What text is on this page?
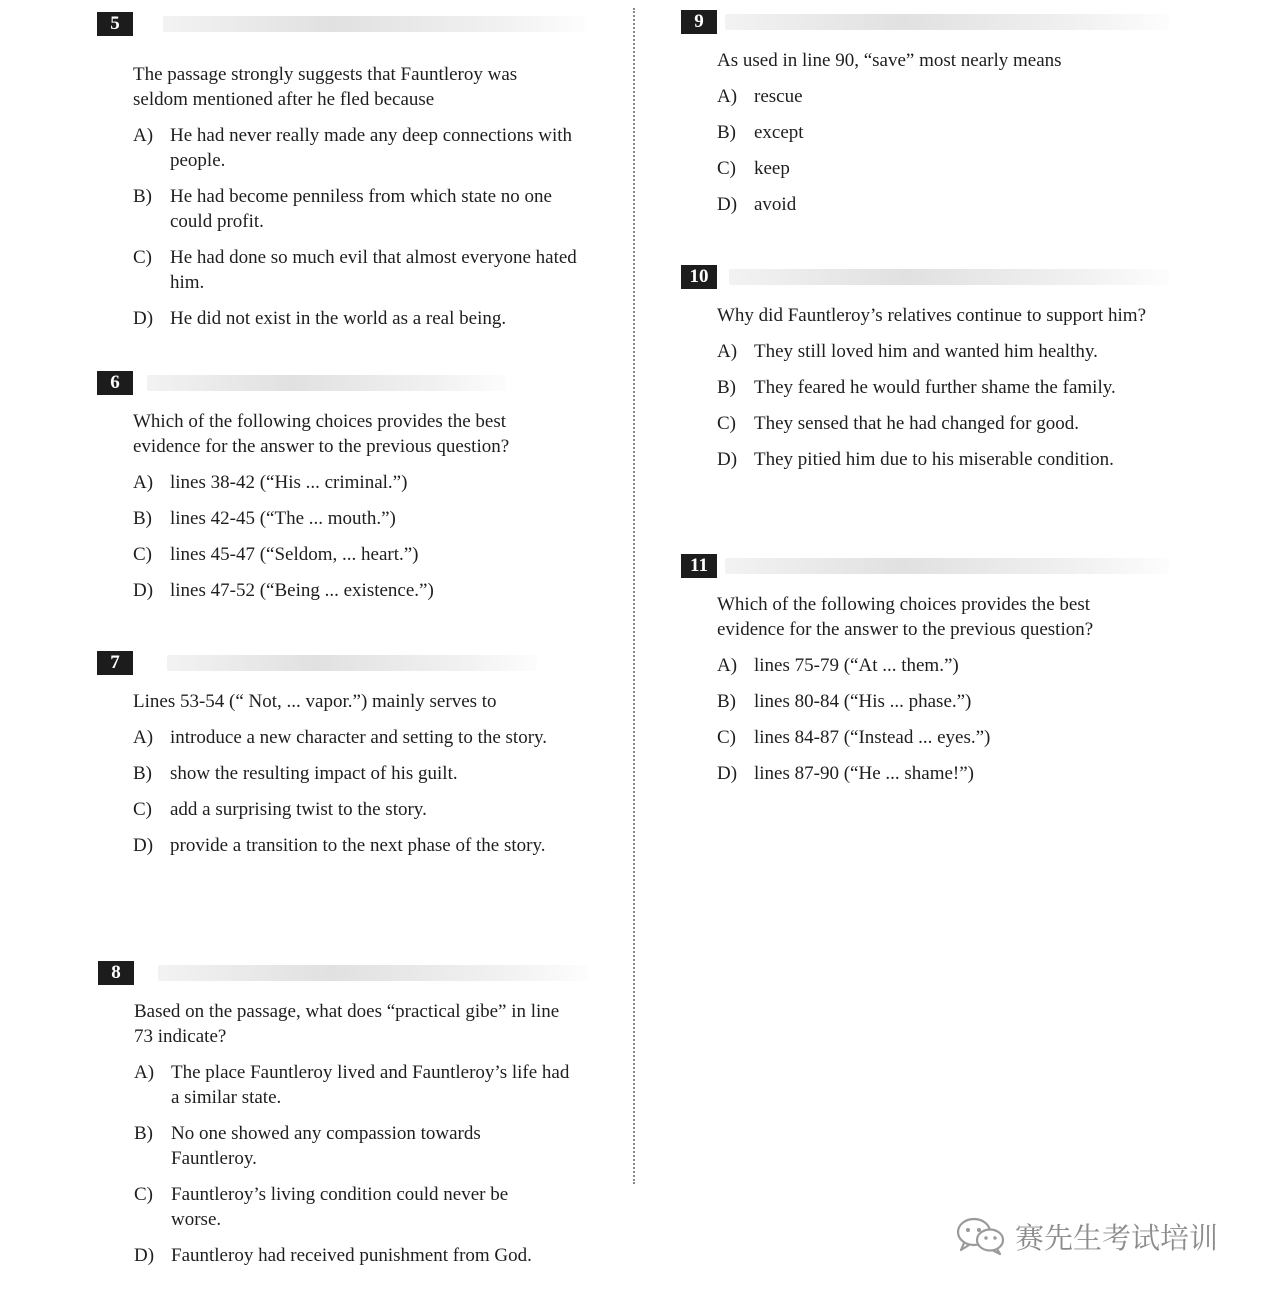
5

The passage strongly suggests that Fauntleroy was seldom mentioned after he fled because

A) He had never really made any deep connections with people.
B) He had become penniless from which state no one could profit.
C) He had done so much evil that almost everyone hated him.
D) He did not exist in the world as a real being.
6

Which of the following choices provides the best evidence for the answer to the previous question?

A) lines 38-42 (“His ... criminal.”)
B) lines 42-45 (“The ... mouth.”)
C) lines 45-47 (“Seldom, ... heart.”)
D) lines 47-52 (“Being ... existence.”)
7

Lines 53-54 (“ Not, ... vapor.”) mainly serves to

A) introduce a new character and setting to the story.
B) show the resulting impact of his guilt.
C) add a surprising twist to the story.
D) provide a transition to the next phase of the story.
8

Based on the passage, what does “practical gibe” in line 73 indicate?

A) The place Fauntleroy lived and Fauntleroy’s life had a similar state.
B) No one showed any compassion towards Fauntleroy.
C) Fauntleroy’s living condition could never be worse.
D) Fauntleroy had received punishment from God.
9

As used in line 90, “save” most nearly means

A) rescue
B) except
C) keep
D) avoid
10

Why did Fauntleroy’s relatives continue to support him?

A) They still loved him and wanted him healthy.
B) They feared he would further shame the family.
C) They sensed that he had changed for good.
D) They pitied him due to his miserable condition.
11

Which of the following choices provides the best evidence for the answer to the previous question?

A) lines 75-79 (“At ... them.”)
B) lines 80-84 (“His ... phase.”)
C) lines 84-87 (“Instead ... eyes.”)
D) lines 87-90 (“He ... shame!”)
赛先生考试培训
